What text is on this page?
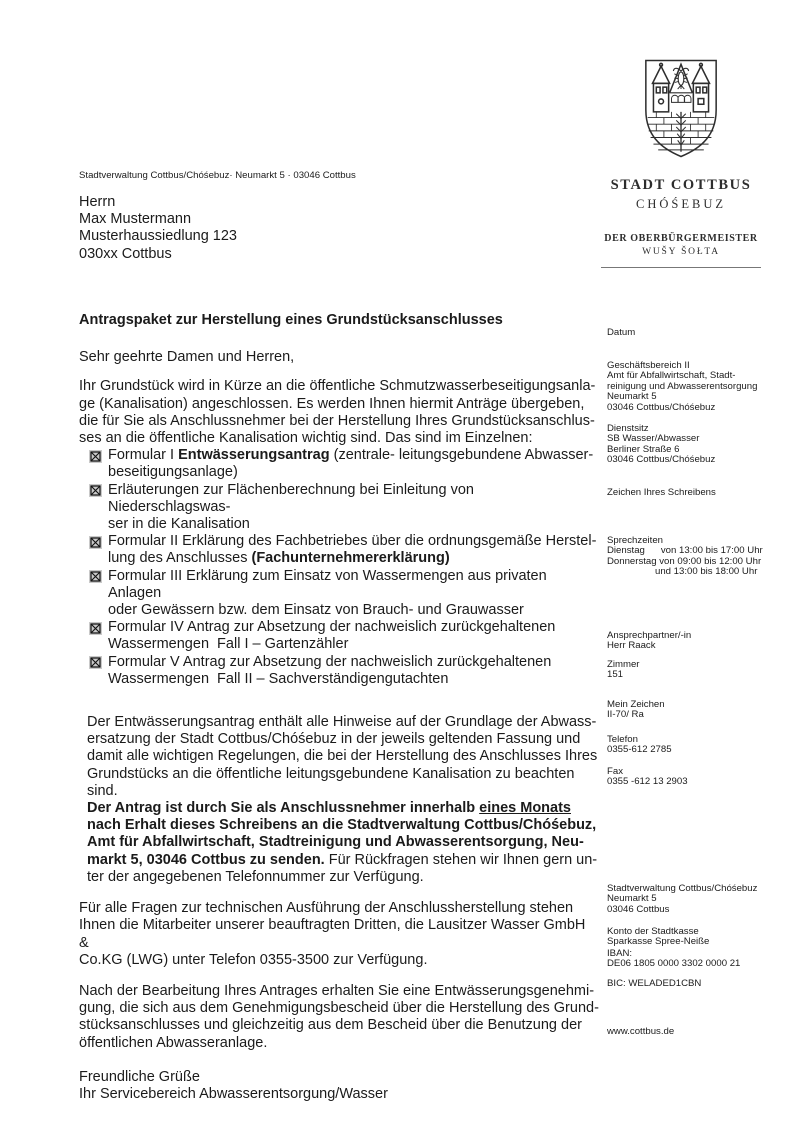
Stadtverwaltung Cottbus/Chóśebuz· Neumarkt 5 · 03046 Cottbus
Herrn
Max Mustermann
Musterhaussiedlung 123
030xx Cottbus
STADT COTTBUS
CHÓŚEBUZ
DER OBERBÜRGERMEISTER
WUŠY ŠOŁTA
Antragspaket zur Herstellung eines Grundstücksanschlusses
Sehr geehrte Damen und Herren,
Ihr Grundstück wird in Kürze an die öffentliche Schmutzwasserbeseitigungsanla-
ge (Kanalisation) angeschlossen. Es werden Ihnen hiermit Anträge übergeben,
die für Sie als Anschlussnehmer bei der Herstellung Ihres Grundstücksanschlus-
ses an die öffentliche Kanalisation wichtig sind. Das sind im Einzelnen:
Formular I Entwässerungsantrag (zentrale- leitungsgebundene Abwasser-
beseitigungsanlage)
Erläuterungen zur Flächenberechnung bei Einleitung von Niederschlagswas-
ser in die Kanalisation
Formular II Erklärung des Fachbetriebes über die ordnungsgemäße Herstel-
lung des Anschlusses (Fachunternehmererklärung)
Formular III Erklärung zum Einsatz von Wassermengen aus privaten Anlagen
oder Gewässern bzw. dem Einsatz von Brauch- und Grauwasser
Formular IV Antrag zur Absetzung der nachweislich zurückgehaltenen
Wassermengen  Fall I – Gartenzähler
Formular V Antrag zur Absetzung der nachweislich zurückgehaltenen
Wassermengen  Fall II – Sachverständigengutachten
Der Entwässerungsantrag enthält alle Hinweise auf der Grundlage der Abwass-
ersatzung der Stadt Cottbus/Chóśebuz in der jeweils geltenden Fassung und
damit alle wichtigen Regelungen, die bei der Herstellung des Anschlusses Ihres
Grundstücks an die öffentliche leitungsgebundene Kanalisation zu beachten
sind.
Der Antrag ist durch Sie als Anschlussnehmer innerhalb eines Monats
nach Erhalt dieses Schreibens an die Stadtverwaltung Cottbus/Chóśebuz,
Amt für Abfallwirtschaft, Stadtreinigung und Abwasserentsorgung, Neu-
markt 5, 03046 Cottbus zu senden. Für Rückfragen stehen wir Ihnen gern un-
ter der angegebenen Telefonnummer zur Verfügung.
Für alle Fragen zur technischen Ausführung der Anschlussherstellung stehen
Ihnen die Mitarbeiter unserer beauftragten Dritten, die Lausitzer Wasser GmbH &
Co.KG (LWG) unter Telefon 0355-3500 zur Verfügung.
Nach der Bearbeitung Ihres Antrages erhalten Sie eine Entwässerungsgenehmi-
gung, die sich aus dem Genehmigungsbescheid über die Herstellung des Grund-
stücksanschlusses und gleichzeitig aus dem Bescheid über die Benutzung der
öffentlichen Abwasseranlage.
Freundliche Grüße
Ihr Servicebereich Abwasserentsorgung/Wasser
Datum
Geschäftsbereich II
Amt für Abfallwirtschaft, Stadt-
reinigung und Abwasserentsorgung
Neumarkt 5
03046 Cottbus/Chóśebuz
Dienstsitz
SB Wasser/Abwasser
Berliner Straße 6
03046 Cottbus/Chóśebuz
Zeichen Ihres Schreibens
Sprechzeiten
Dienstag      von 13:00 bis 17:00 Uhr
Donnerstag von 09:00 bis 12:00 Uhr
und 13:00 bis 18:00 Uhr
Ansprechpartner/-in
Herr Raack
Zimmer
151
Mein Zeichen
II-70/ Ra
Telefon
0355-612 2785
Fax
0355 -612 13 2903
Stadtverwaltung Cottbus/Chóśebuz
Neumarkt 5
03046 Cottbus
Konto der Stadtkasse
Sparkasse Spree-Neiße
IBAN:
DE06 1805 0000 3302 0000 21
BIC: WELADED1CBN
www.cottbus.de
